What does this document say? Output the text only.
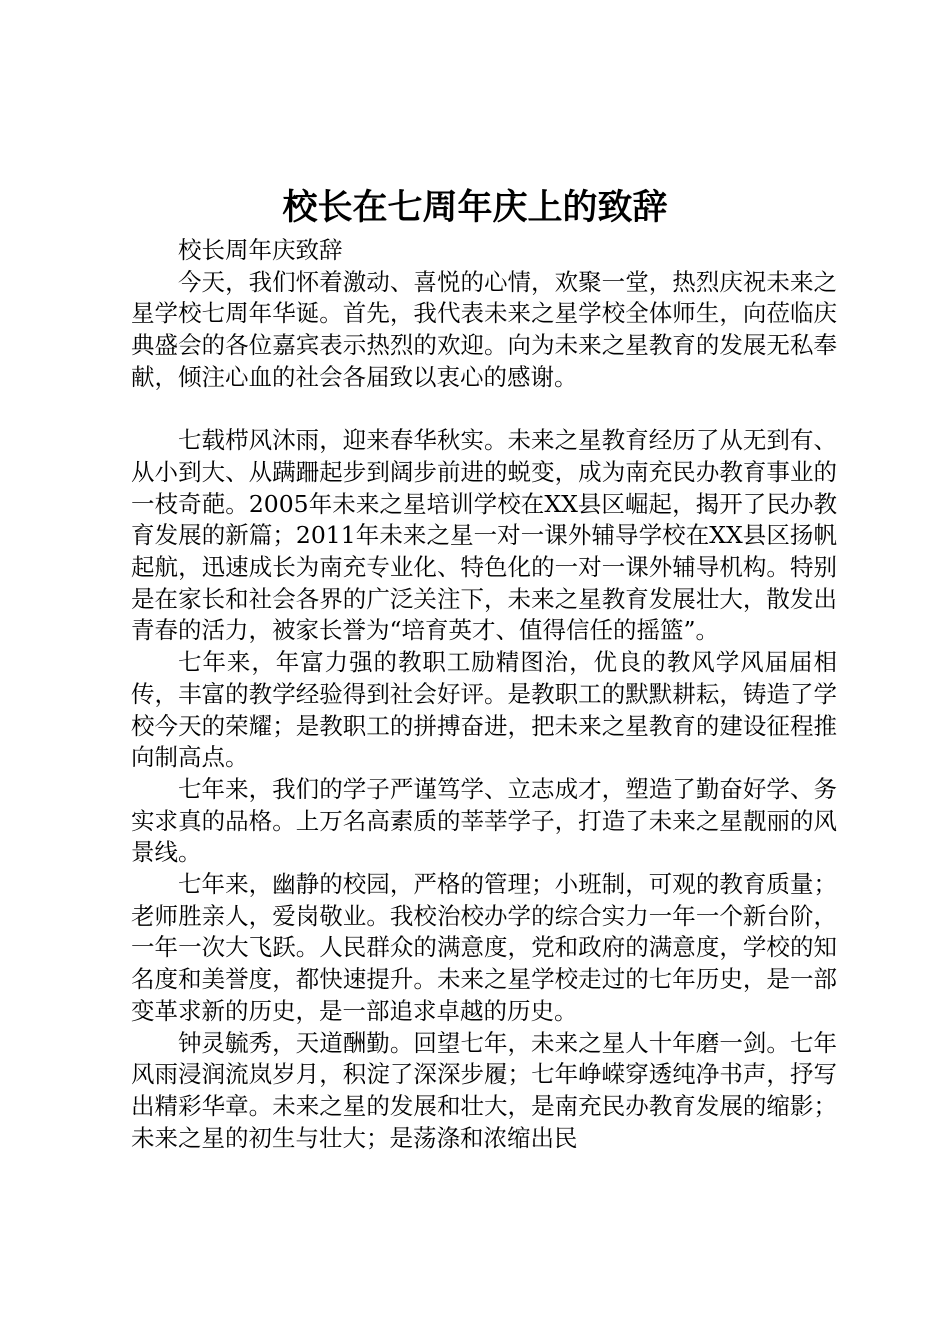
校长在七周年庆上的致辞

校长周年庆致辞

今天，我们怀着激动、喜悦的心情，欢聚一堂，热烈庆祝未来之星学校七周年华诞。首先，我代表未来之星学校全体师生，向莅临庆典盛会的各位嘉宾表示热烈的欢迎。向为未来之星教育的发展无私奉献，倾注心血的社会各届致以衷心的感谢。

七载栉风沐雨，迎来春华秋实。未来之星教育经历了从无到有、从小到大、从蹒跚起步到阔步前进的蜕变，成为南充民办教育事业的一枝奇葩。2005年未来之星培训学校在XX县区崛起，揭开了民办教育发展的新篇；2011年未来之星一对一课外辅导学校在XX县区扬帆起航，迅速成长为南充专业化、特色化的一对一课外辅导机构。特别是在家长和社会各界的广泛关注下，未来之星教育发展壮大，散发出青春的活力，被家长誉为“培育英才、值得信任的摇篮”。

七年来，年富力强的教职工励精图治，优良的教风学风届届相传，丰富的教学经验得到社会好评。是教职工的默默耕耘，铸造了学校今天的荣耀；是教职工的拼搏奋进，把未来之星教育的建设征程推向制高点。

七年来，我们的学子严谨笃学、立志成才，塑造了勤奋好学、务实求真的品格。上万名高素质的莘莘学子，打造了未来之星靓丽的风景线。

七年来，幽静的校园，严格的管理；小班制，可观的教育质量；老师胜亲人，爱岗敬业。我校治校办学的综合实力一年一个新台阶，一年一次大飞跃。人民群众的满意度，党和政府的满意度，学校的知名度和美誉度，都快速提升。未来之星学校走过的七年历史，是一部变革求新的历史，是一部追求卓越的历史。

钟灵毓秀，天道酬勤。回望七年，未来之星人十年磨一剑。七年风雨浸润流岚岁月，积淀了深深步履；七年峥嵘穿透纯净书声，抒写出精彩华章。未来之星的发展和壮大，是南充民办教育发展的缩影；未来之星的初生与壮大；是荡涤和浓缩出民
